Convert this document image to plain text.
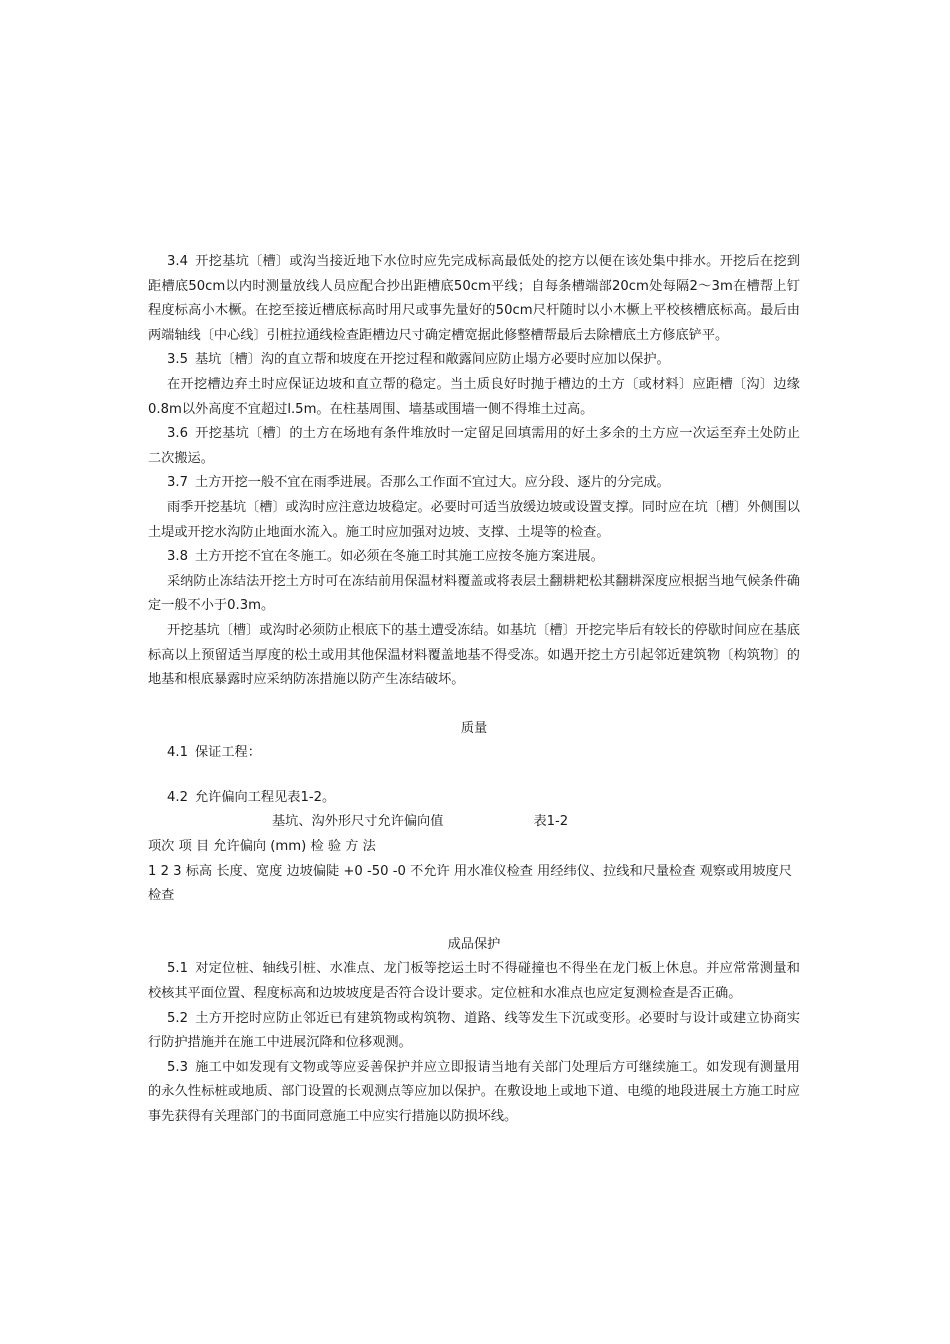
3.4 开挖基坑〔槽〕或沟当接近地下水位时应先完成标高最低处的挖方以便在该处集中排水。开挖后在挖到距槽底50cm以内时测量放线人员应配合抄出距槽底50cm平线；自每条槽端部20cm处每隔2～3m在槽帮上钉程度标高小木橛。在挖至接近槽底标高时用尺或事先量好的50cm尺杆随时以小木橛上平校核槽底标高。最后由两端轴线〔中心线〕引桩拉通线检查距槽边尺寸确定槽宽据此修整槽帮最后去除槽底土方修底铲平。

3.5 基坑〔槽〕沟的直立帮和坡度在开挖过程和敞露间应防止塌方必要时应加以保护。

在开挖槽边弃土时应保证边坡和直立帮的稳定。当土质良好时抛于槽边的土方〔或材料〕应距槽〔沟〕边缘0.8m以外高度不宜超过l.5m。在柱基周围、墙基或围墙一侧不得堆土过高。

3.6 开挖基坑〔槽〕的土方在场地有条件堆放时一定留足回填需用的好土多余的土方应一次运至弃土处防止二次搬运。

3.7 土方开挖一般不宜在雨季进展。否那么工作面不宜过大。应分段、逐片的分完成。

雨季开挖基坑〔槽〕或沟时应注意边坡稳定。必要时可适当放缓边坡或设置支撑。同时应在坑〔槽〕外侧围以土堤或开挖水沟防止地面水流入。施工时应加强对边坡、支撑、土堤等的检查。

3.8 土方开挖不宜在冬施工。如必须在冬施工时其施工应按冬施方案进展。

采纳防止冻结法开挖土方时可在冻结前用保温材料覆盖或将表层土翻耕耙松其翻耕深度应根据当地气候条件确定一般不小于0.3m。

开挖基坑〔槽〕或沟时必须防止根底下的基土遭受冻结。如基坑〔槽〕开挖完毕后有较长的停歇时间应在基底标高以上预留适当厚度的松土或用其他保温材料覆盖地基不得受冻。如遇开挖土方引起邻近建筑物〔构筑物〕的地基和根底暴露时应采纳防冻措施以防产生冻结破坏。

质量

4.1 保证工程：

4.2 允许偏向工程见表1-2。

基坑、沟外形尺寸允许偏向值	表1-2

项次 项 目 允许偏向 (mm) 检 验 方 法

1 2 3 标高 长度、宽度 边坡偏陡 +0 -50 -0 不允许 用水准仪检查 用经纬仪、拉线和尺量检查 观察或用坡度尺检查

成品保护

5.1 对定位桩、轴线引桩、水准点、龙门板等挖运土时不得碰撞也不得坐在龙门板上休息。并应常常测量和校核其平面位置、程度标高和边坡坡度是否符合设计要求。定位桩和水准点也应定复测检查是否正确。

5.2 土方开挖时应防止邻近已有建筑物或构筑物、道路、线等发生下沉或变形。必要时与设计或建立协商实行防护措施并在施工中进展沉降和位移观测。

5.3 施工中如发现有文物或等应妥善保护并应立即报请当地有关部门处理后方可继续施工。如发现有测量用的永久性标桩或地质、部门设置的长观测点等应加以保护。在敷设地上或地下道、电缆的地段进展土方施工时应事先获得有关理部门的书面同意施工中应实行措施以防损坏线。
